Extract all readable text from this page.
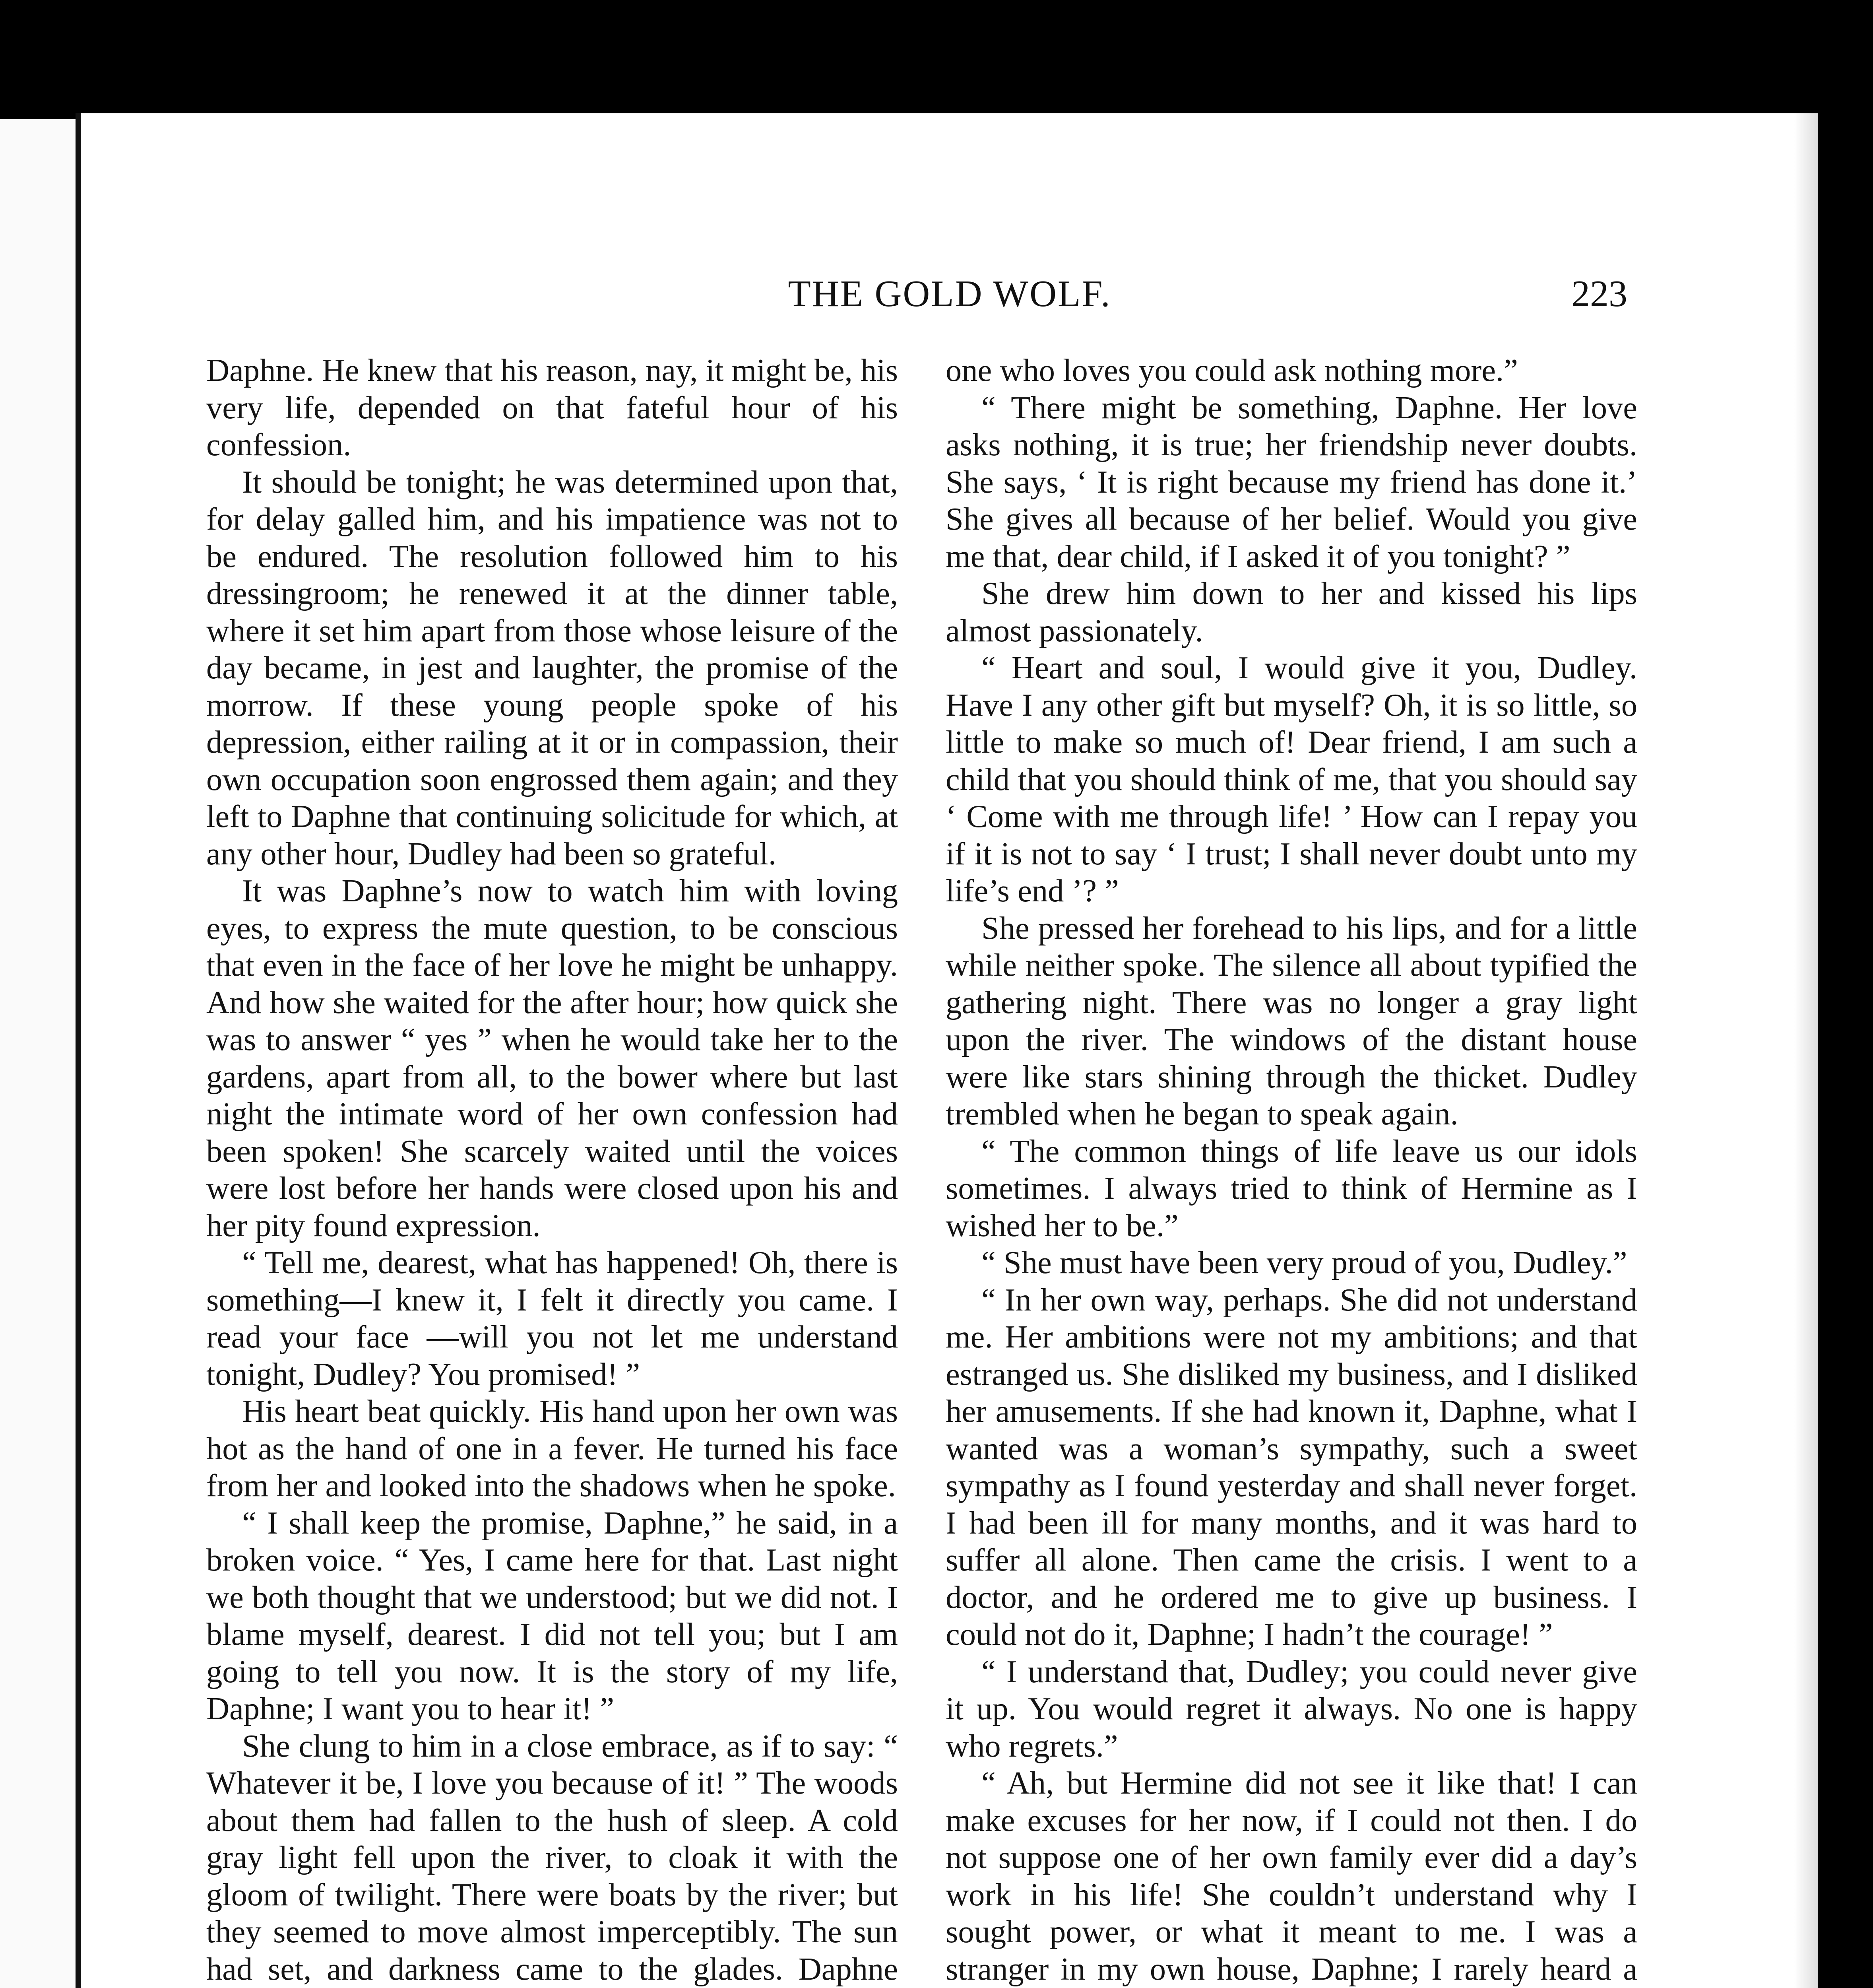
THE GOLD WOLF.	223

Daphne. He knew that his reason, nay, it might be, his very life, depended on that fateful hour of his confession.

It should be tonight; he was determined upon that, for delay galled him, and his impatience was not to be endured. The resolution followed him to his dressingroom; he renewed it at the dinner table, where it set him apart from those whose leisure of the day became, in jest and laughter, the promise of the morrow. If these young people spoke of his depression, either railing at it or in compassion, their own occupation soon engrossed them again; and they left to Daphne that continuing solicitude for which, at any other hour, Dudley had been so grateful.

It was Daphne’s now to watch him with loving eyes, to express the mute question, to be conscious that even in the face of her love he might be unhappy. And how she waited for the after hour; how quick she was to answer “ yes ” when he would take her to the gardens, apart from all, to the bower where but last night the intimate word of her own confession had been spoken! She scarcely waited until the voices were lost before her hands were closed upon his and her pity found expression.

“ Tell me, dearest, what has happened! Oh, there is something—I knew it, I felt it directly you came. I read your face —will you not let me understand tonight, Dudley? You promised! ”

His heart beat quickly. His hand upon her own was hot as the hand of one in a fever. He turned his face from her and looked into the shadows when he spoke.

“ I shall keep the promise, Daphne,” he said, in a broken voice. “ Yes, I came here for that. Last night we both thought that we understood; but we did not. I blame myself, dearest. I did not tell you; but I am going to tell you now. It is the story of my life, Daphne; I want you to hear it! ”

She clung to him in a close embrace, as if to say: “ Whatever it be, I love you because of it! ” The woods about them had fallen to the hush of sleep. A cold gray light fell upon the river, to cloak it with the gloom of twilight. There were boats by the river; but they seemed to move almost imperceptibly. The sun had set, and darkness came to the glades. Daphne

one who loves you could ask nothing more.”

“ There might be something, Daphne. Her love asks nothing, it is true; her friendship never doubts. She says, ‘ It is right because my friend has done it.’ She gives all because of her belief. Would you give me that, dear child, if I asked it of you tonight? ”

She drew him down to her and kissed his lips almost passionately.

“ Heart and soul, I would give it you, Dudley. Have I any other gift but myself? Oh, it is so little, so little to make so much of! Dear friend, I am such a child that you should think of me, that you should say ‘ Come with me through life! ’ How can I repay you if it is not to say ‘ I trust; I shall never doubt unto my life’s end ’? ”

She pressed her forehead to his lips, and for a little while neither spoke. The silence all about typified the gathering night. There was no longer a gray light upon the river. The windows of the distant house were like stars shining through the thicket. Dudley trembled when he began to speak again.

“ The common things of life leave us our idols sometimes. I always tried to think of Hermine as I wished her to be.”

“ She must have been very proud of you, Dudley.”

“ In her own way, perhaps. She did not understand me. Her ambitions were not my ambitions; and that estranged us. She disliked my business, and I disliked her amusements. If she had known it, Daphne, what I wanted was a woman’s sympathy, such a sweet sympathy as I found yesterday and shall never forget. I had been ill for many months, and it was hard to suffer all alone. Then came the crisis. I went to a doctor, and he ordered me to give up business. I could not do it, Daphne; I hadn’t the courage! ”

“ I understand that, Dudley; you could never give it up. You would regret it always. No one is happy who regrets.”

“ Ah, but Hermine did not see it like that! I can make excuses for her now, if I could not then. I do not suppose one of her own family ever did a day’s work in his life! She couldn’t understand why I sought power, or what it meant to me. I was a stranger in my own house, Daphne; I rarely heard a
